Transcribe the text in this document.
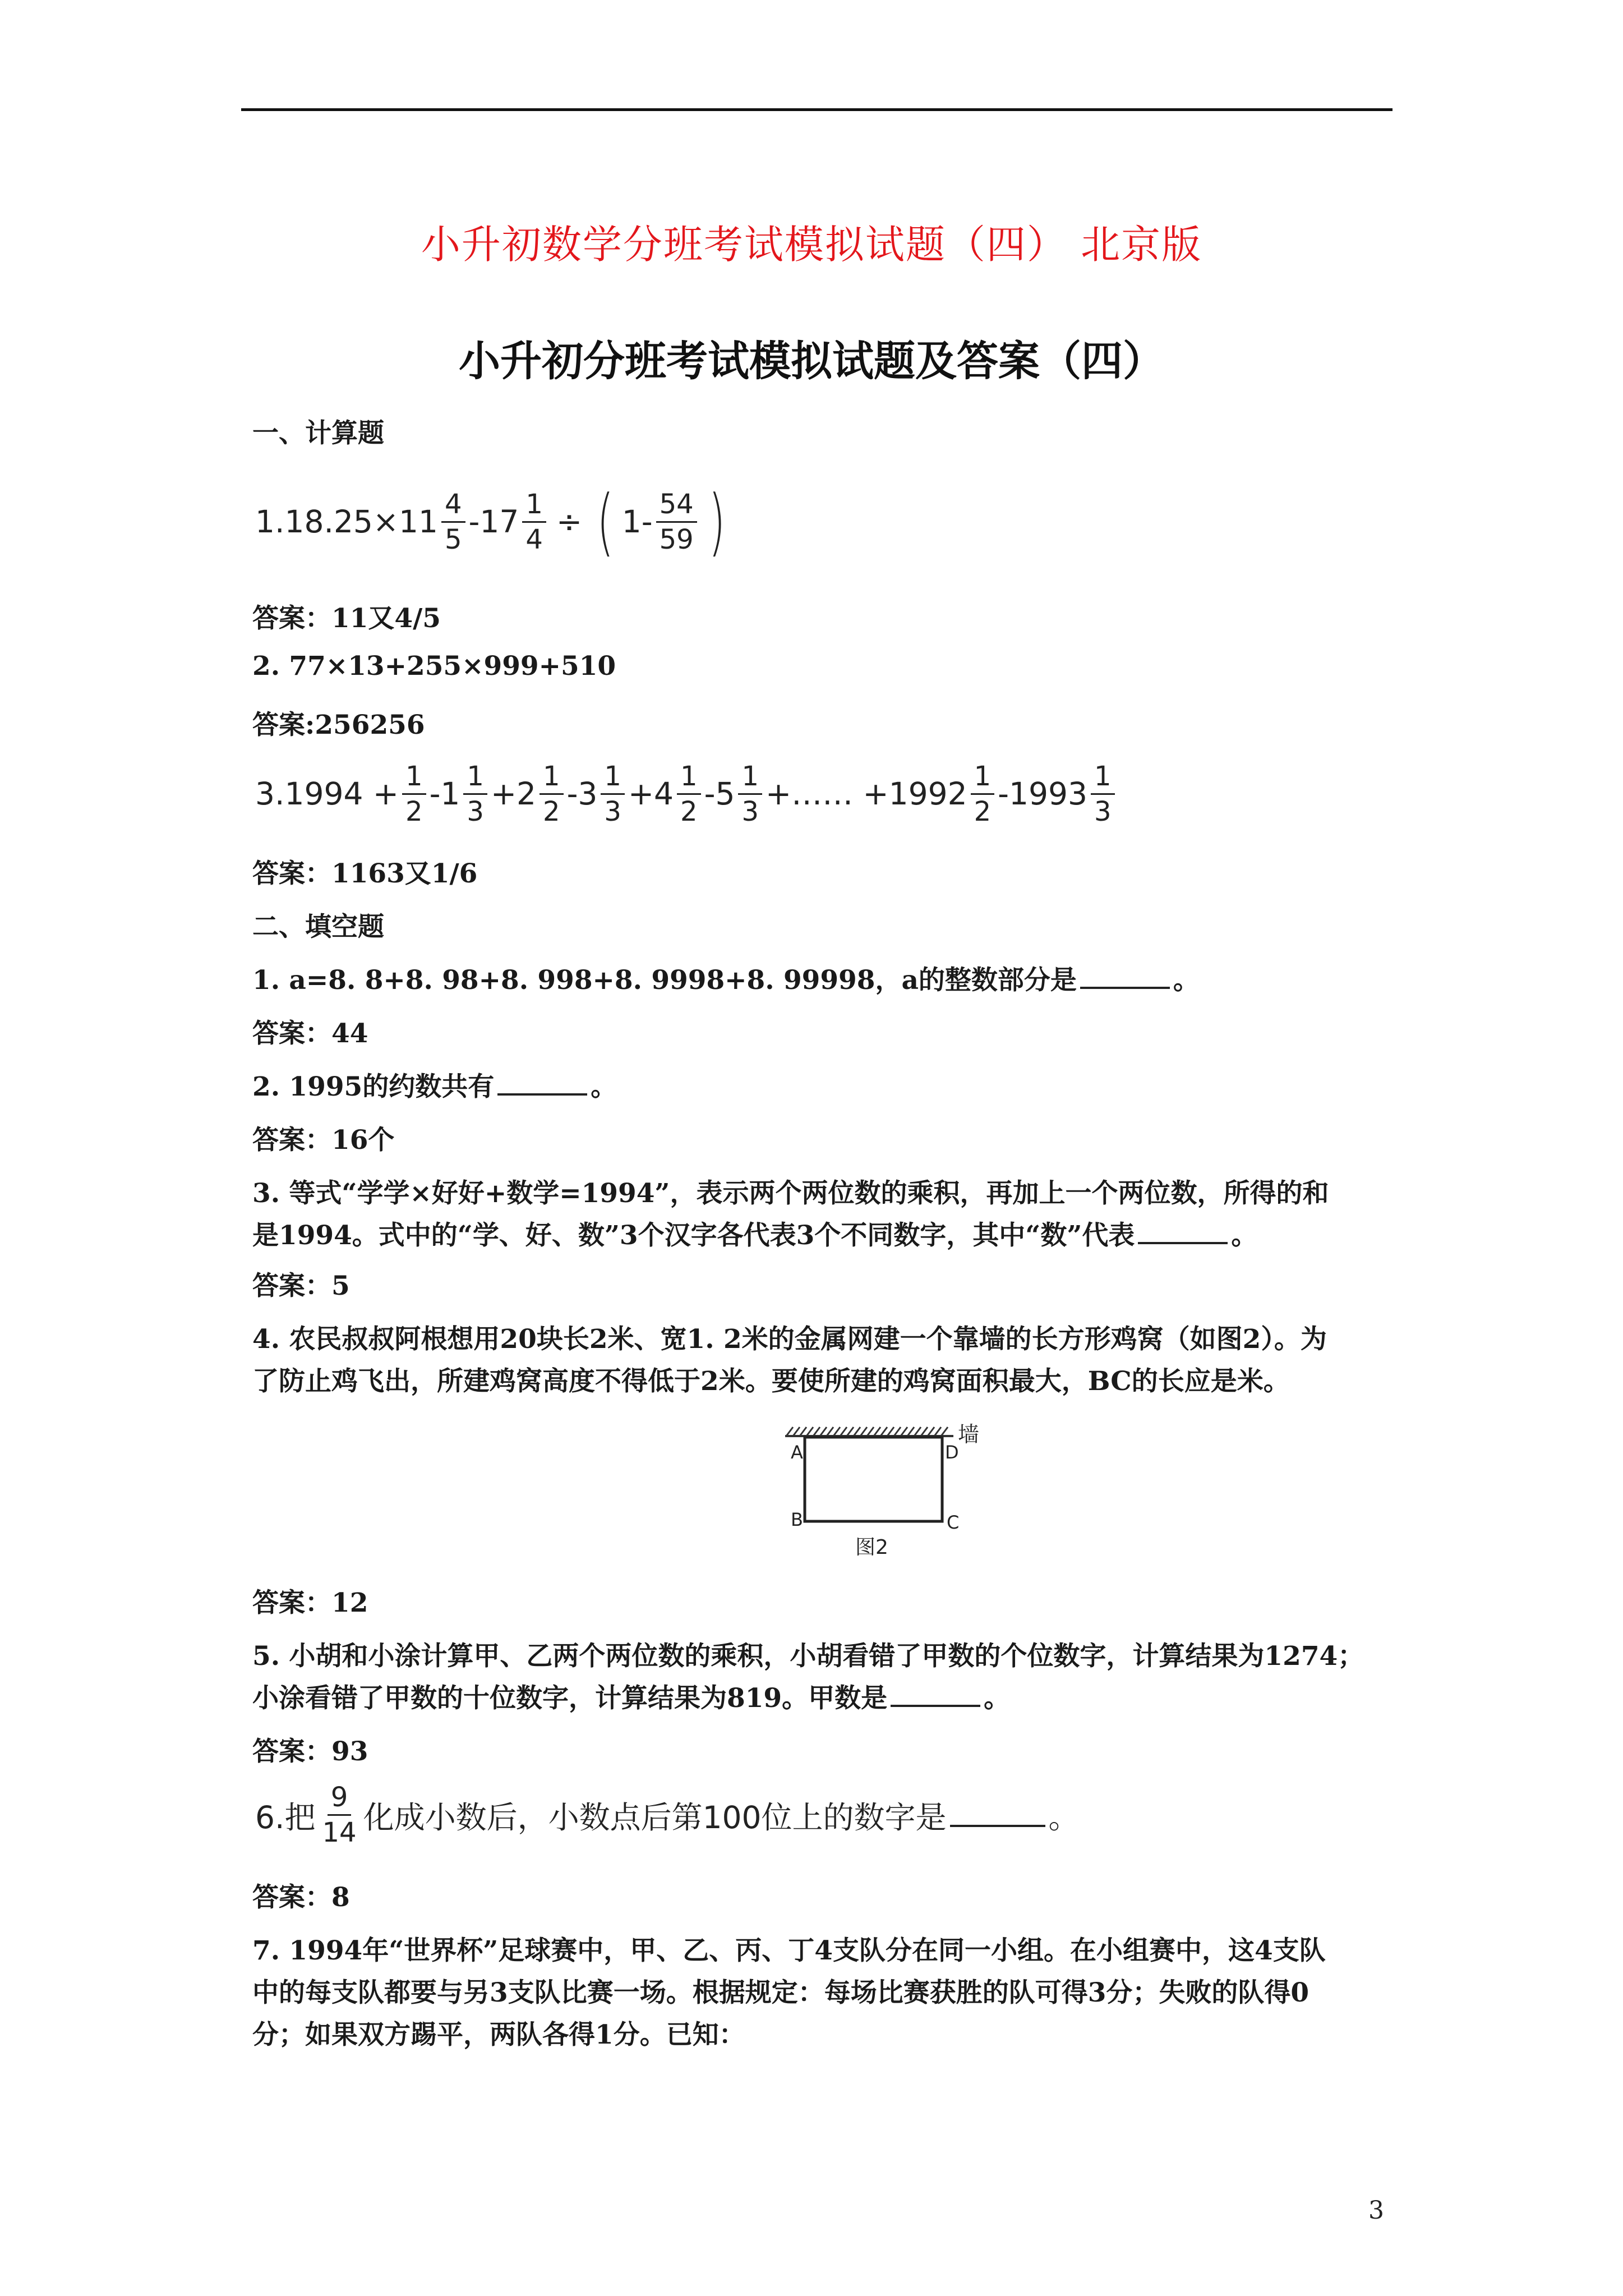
小升初数学分班考试模拟试题（四） 北京版
小升初分班考试模拟试题及答案（四）
一、计算题
$1.18.25\times 11 \frac{4}{5} -17 \frac{1}{4}$ ÷ ( $1- \frac{54}{59}$ )
答案：11又4/5
2. 77×13+255×999+510
答案:256256
$3.1994 + \frac{1}{2} -1 \frac{1}{3} +2 \frac{1}{2} -3 \frac{1}{3} +4 \frac{1}{2} -5 \frac{1}{3}$ +…… $+1992 \frac{1}{2} -1993 \frac{1}{3}$
答案：1163又1/6
二、填空题
1. a=8. 8+8. 98+8. 998+8. 9998+8. 99998，a的整数部分是	。
答案：44
2. 1995的约数共有	。
答案：16个
3. 等式“学学×好好+数学=1994”，表示两个两位数的乘积，再加上一个两位数，所得的和
是1994。式中的“学、好、数”3个汉字各代表3个不同数字，其中“数”代表	。
答案：5
4. 农民叔叔阿根想用20块长2米、宽1. 2米的金属网建一个靠墙的长方形鸡窝（如图2）。为
了防止鸡飞出，所建鸡窝高度不得低于2米。要使所建的鸡窝面积最大，BC的长应是米。
A	D
B	C
墙
图2
答案：12
5. 小胡和小涂计算甲、乙两个两位数的乘积，小胡看错了甲数的个位数字，计算结果为1274；
小涂看错了甲数的十位数字，计算结果为819。甲数是	。
答案：93
6.把 $\frac{9}{14}$ 化成小数后，小数点后第100位上的数字是	。
答案：8
7. 1994年“世界杯”足球赛中，甲、乙、丙、丁4支队分在同一小组。在小组赛中，这4支队
中的每支队都要与另3支队比赛一场。根据规定：每场比赛获胜的队可得3分；失败的队得0
分；如果双方踢平，两队各得1分。已知：
3
